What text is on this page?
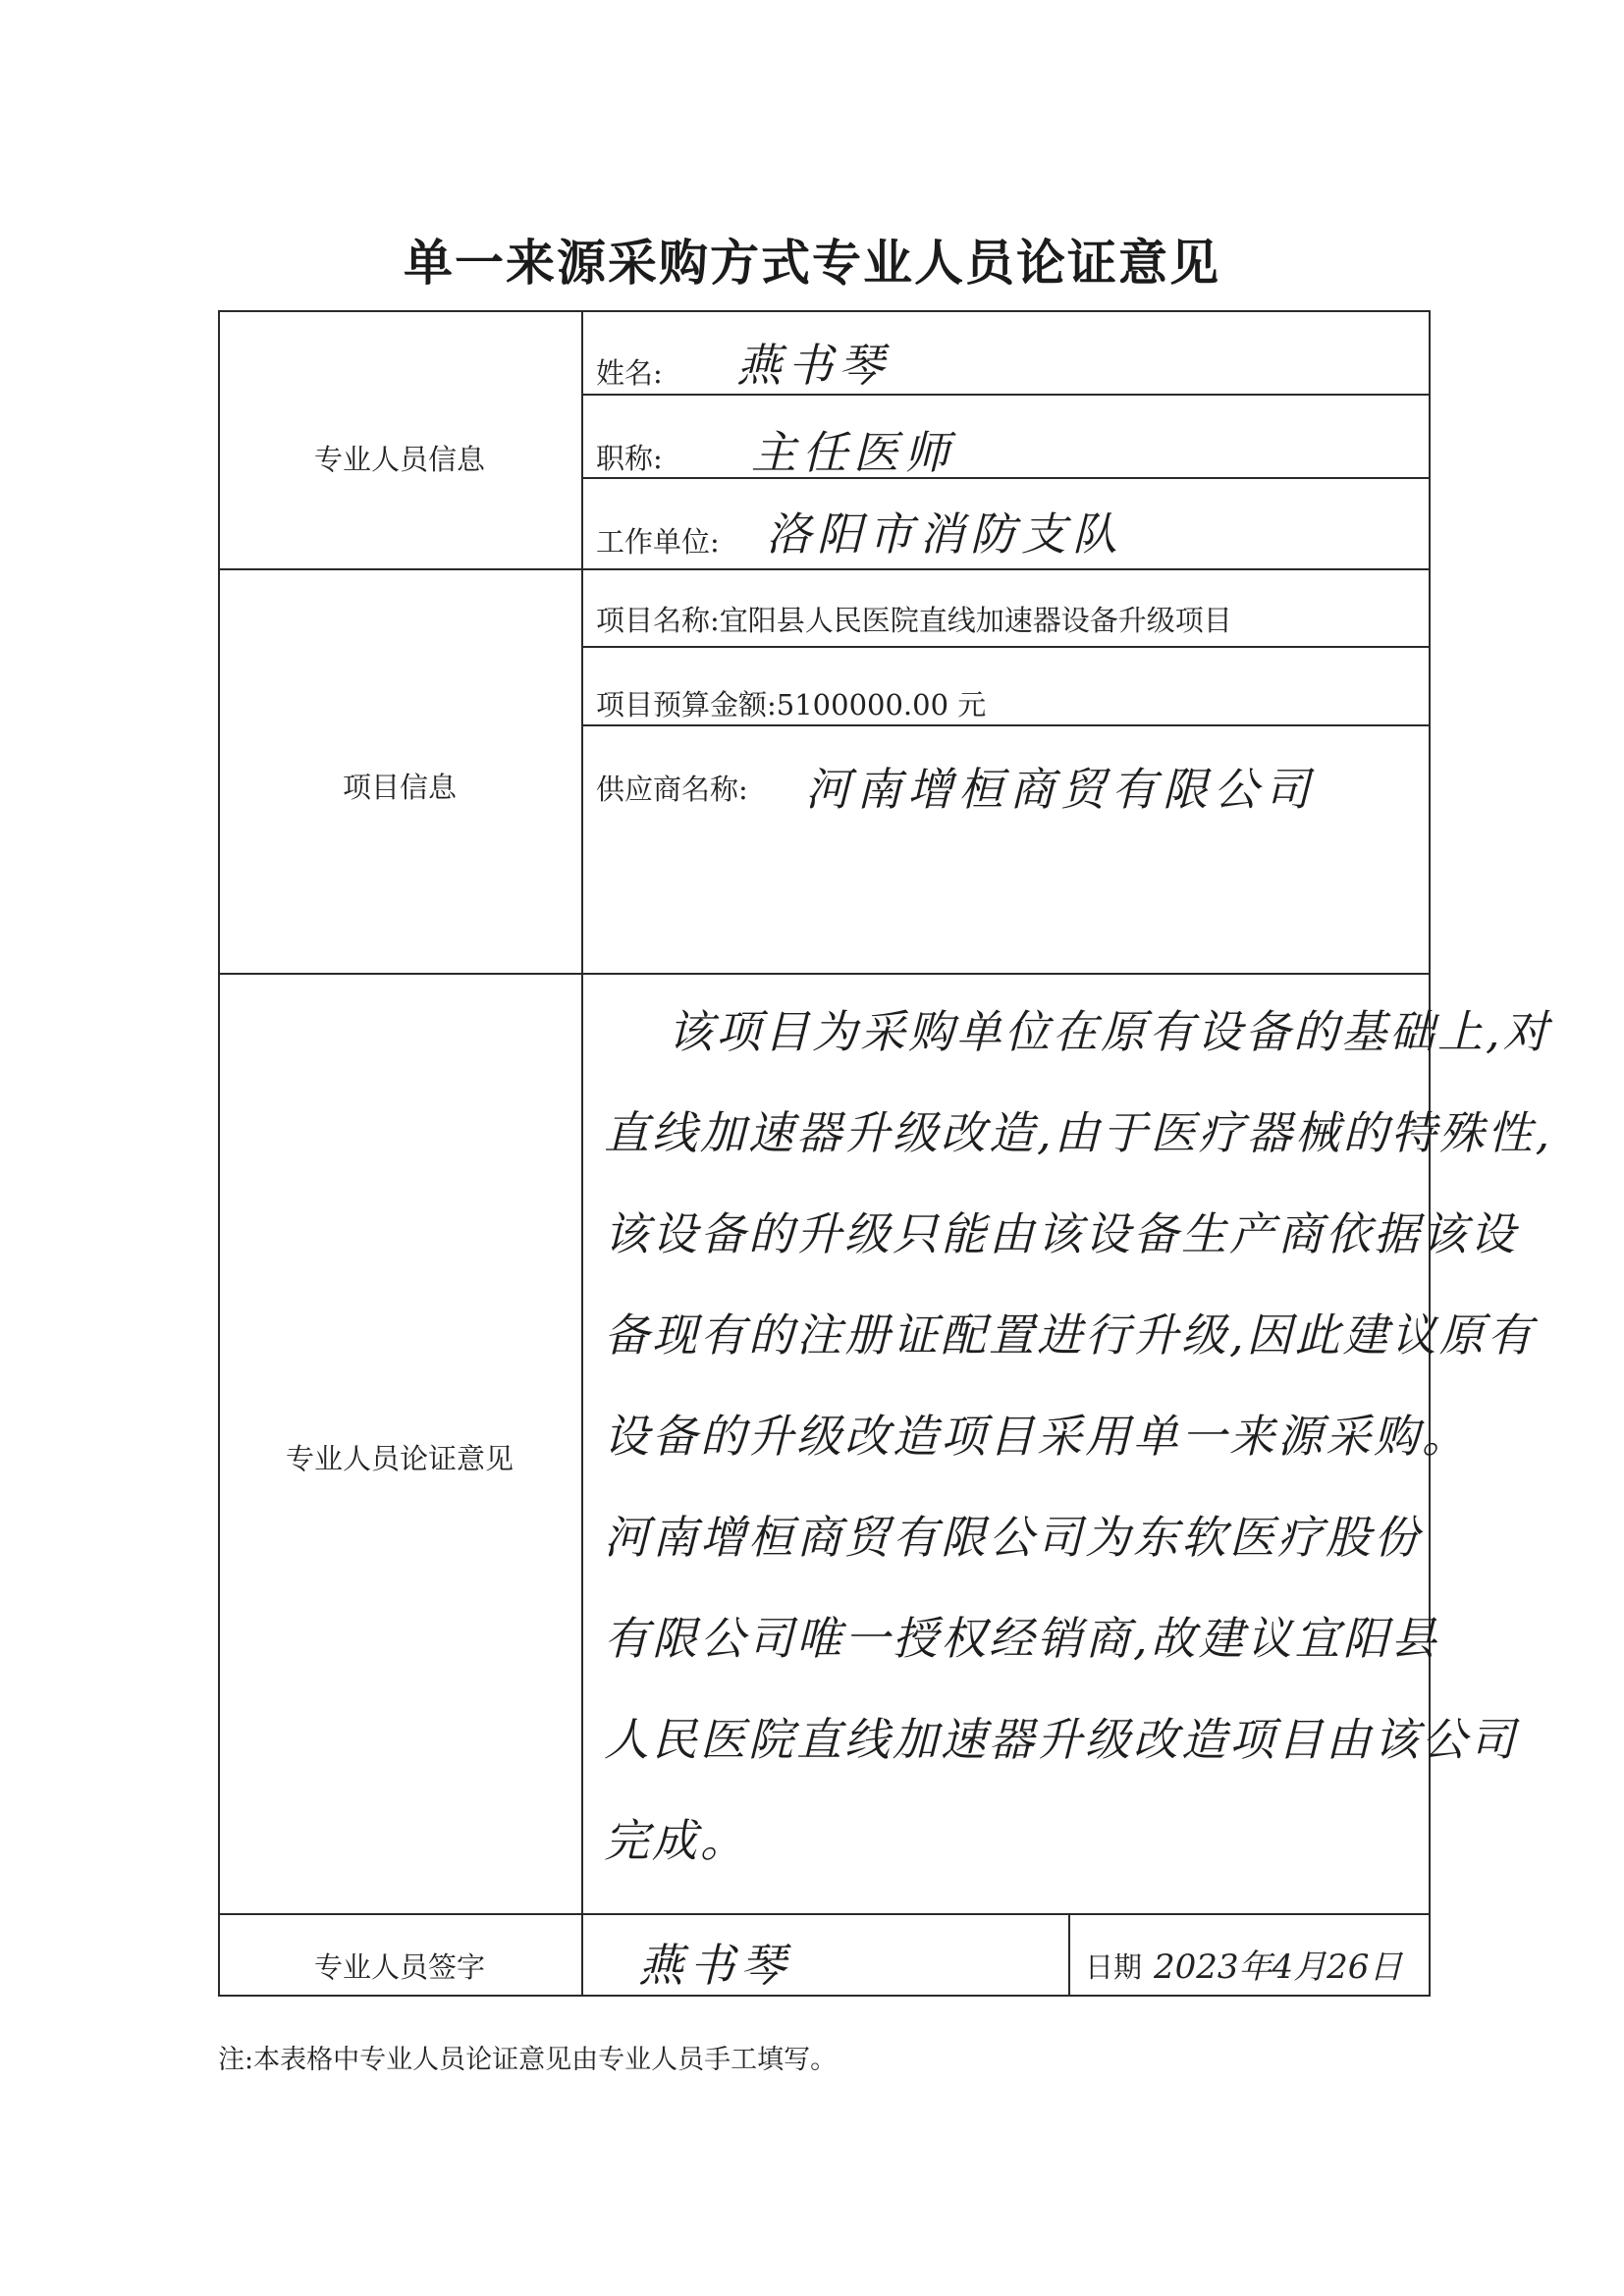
单一来源采购方式专业人员论证意见
专业人员信息
姓名: 燕书琴
职称: 主任医师
工作单位: 洛阳市消防支队
项目信息
项目名称:宜阳县人民医院直线加速器设备升级项目
项目预算金额:5100000.00 元
供应商名称: 河南增桓商贸有限公司
专业人员论证意见
该项目为采购单位在原有设备的基础上,对
直线加速器升级改造,由于医疗器械的特殊性,
该设备的升级只能由该设备生产商依据该设
备现有的注册证配置进行升级,因此建议原有
设备的升级改造项目采用单一来源采购。
河南增桓商贸有限公司为东软医疗股份
有限公司唯一授权经销商,故建议宜阳县
人民医院直线加速器升级改造项目由该公司
完成。
专业人员签字	燕书琴	日期 2023年4月26日
注:本表格中专业人员论证意见由专业人员手工填写。
